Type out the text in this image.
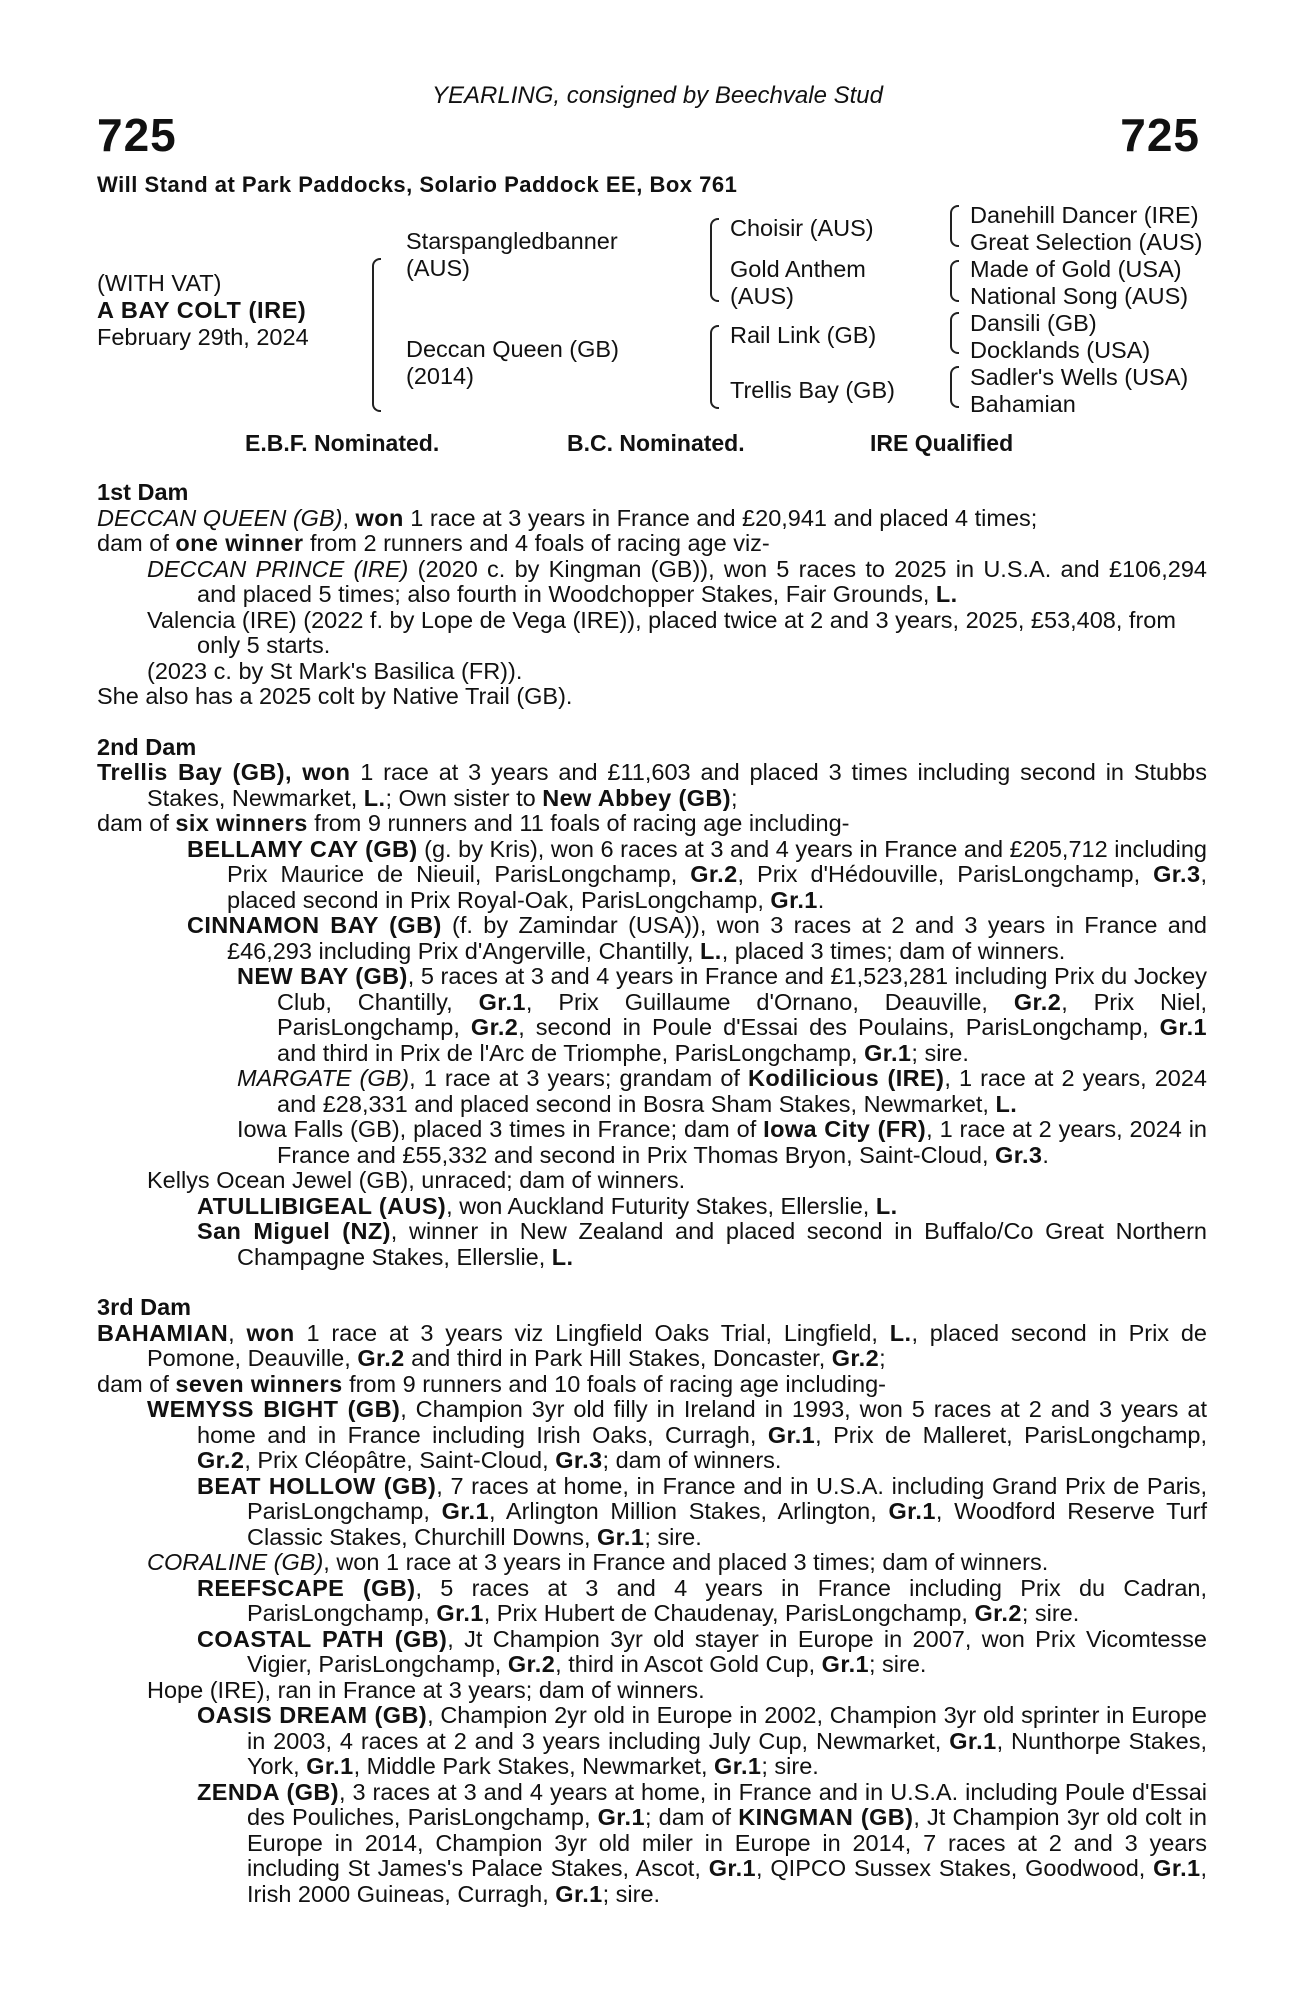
YEARLING, consigned by Beechvale Stud
725	725
Will Stand at Park Paddocks, Solario Paddock EE, Box 761
(WITH VAT)
A BAY COLT (IRE)
February 29th, 2024
Starspangledbanner
(AUS)
Deccan Queen (GB)
(2014)
Choisir (AUS)
Gold Anthem
(AUS)
Rail Link (GB)
Trellis Bay (GB)
Danehill Dancer (IRE)
Great Selection (AUS)
Made of Gold (USA)
National Song (AUS)
Dansili (GB)
Docklands (USA)
Sadler's Wells (USA)
Bahamian
E.B.F. Nominated.	B.C. Nominated.	IRE Qualified

1st Dam

DECCAN QUEEN (GB), won 1 race at 3 years in France and £20,941 and placed 4 times;

dam of one winner from 2 runners and 4 foals of racing age viz-

DECCAN PRINCE (IRE) (2020 c. by Kingman (GB)), won 5 races to 2025 in U.S.A. and £106,294 and placed 5 times; also fourth in Woodchopper Stakes, Fair Grounds, L.

Valencia (IRE) (2022 f. by Lope de Vega (IRE)), placed twice at 2 and 3 years, 2025, £53,408, from only 5 starts.

(2023 c. by St Mark's Basilica (FR)).

She also has a 2025 colt by Native Trail (GB).

2nd Dam

Trellis Bay (GB), won 1 race at 3 years and £11,603 and placed 3 times including second in Stubbs Stakes, Newmarket, L.; Own sister to New Abbey (GB);

dam of six winners from 9 runners and 11 foals of racing age including-

BELLAMY CAY (GB) (g. by Kris), won 6 races at 3 and 4 years in France and £205,712 including Prix Maurice de Nieuil, ParisLongchamp, Gr.2, Prix d'Hédouville, ParisLongchamp, Gr.3, placed second in Prix Royal-Oak, ParisLongchamp, Gr.1.

CINNAMON BAY (GB) (f. by Zamindar (USA)), won 3 races at 2 and 3 years in France and £46,293 including Prix d'Angerville, Chantilly, L., placed 3 times; dam of winners.

NEW BAY (GB), 5 races at 3 and 4 years in France and £1,523,281 including Prix du Jockey Club, Chantilly, Gr.1, Prix Guillaume d'Ornano, Deauville, Gr.2, Prix Niel, ParisLongchamp, Gr.2, second in Poule d'Essai des Poulains, ParisLongchamp, Gr.1 and third in Prix de l'Arc de Triomphe, ParisLongchamp, Gr.1; sire.

MARGATE (GB), 1 race at 3 years; grandam of Kodilicious (IRE), 1 race at 2 years, 2024 and £28,331 and placed second in Bosra Sham Stakes, Newmarket, L.

Iowa Falls (GB), placed 3 times in France; dam of Iowa City (FR), 1 race at 2 years, 2024 in France and £55,332 and second in Prix Thomas Bryon, Saint-Cloud, Gr.3.

Kellys Ocean Jewel (GB), unraced; dam of winners.

ATULLIBIGEAL (AUS), won Auckland Futurity Stakes, Ellerslie, L.

San Miguel (NZ), winner in New Zealand and placed second in Buffalo/Co Great Northern Champagne Stakes, Ellerslie, L.

3rd Dam

BAHAMIAN, won 1 race at 3 years viz Lingfield Oaks Trial, Lingfield, L., placed second in Prix de Pomone, Deauville, Gr.2 and third in Park Hill Stakes, Doncaster, Gr.2;

dam of seven winners from 9 runners and 10 foals of racing age including-

WEMYSS BIGHT (GB), Champion 3yr old filly in Ireland in 1993, won 5 races at 2 and 3 years at home and in France including Irish Oaks, Curragh, Gr.1, Prix de Malleret, ParisLongchamp, Gr.2, Prix Cléopâtre, Saint-Cloud, Gr.3; dam of winners.

BEAT HOLLOW (GB), 7 races at home, in France and in U.S.A. including Grand Prix de Paris, ParisLongchamp, Gr.1, Arlington Million Stakes, Arlington, Gr.1, Woodford Reserve Turf Classic Stakes, Churchill Downs, Gr.1; sire.

CORALINE (GB), won 1 race at 3 years in France and placed 3 times; dam of winners.

REEFSCAPE (GB), 5 races at 3 and 4 years in France including Prix du Cadran, ParisLongchamp, Gr.1, Prix Hubert de Chaudenay, ParisLongchamp, Gr.2; sire.

COASTAL PATH (GB), Jt Champion 3yr old stayer in Europe in 2007, won Prix Vicomtesse Vigier, ParisLongchamp, Gr.2, third in Ascot Gold Cup, Gr.1; sire.

Hope (IRE), ran in France at 3 years; dam of winners.

OASIS DREAM (GB), Champion 2yr old in Europe in 2002, Champion 3yr old sprinter in Europe in 2003, 4 races at 2 and 3 years including July Cup, Newmarket, Gr.1, Nunthorpe Stakes, York, Gr.1, Middle Park Stakes, Newmarket, Gr.1; sire.

ZENDA (GB), 3 races at 3 and 4 years at home, in France and in U.S.A. including Poule d'Essai des Pouliches, ParisLongchamp, Gr.1; dam of KINGMAN (GB), Jt Champion 3yr old colt in Europe in 2014, Champion 3yr old miler in Europe in 2014, 7 races at 2 and 3 years including St James's Palace Stakes, Ascot, Gr.1, QIPCO Sussex Stakes, Goodwood, Gr.1, Irish 2000 Guineas, Curragh, Gr.1; sire.
